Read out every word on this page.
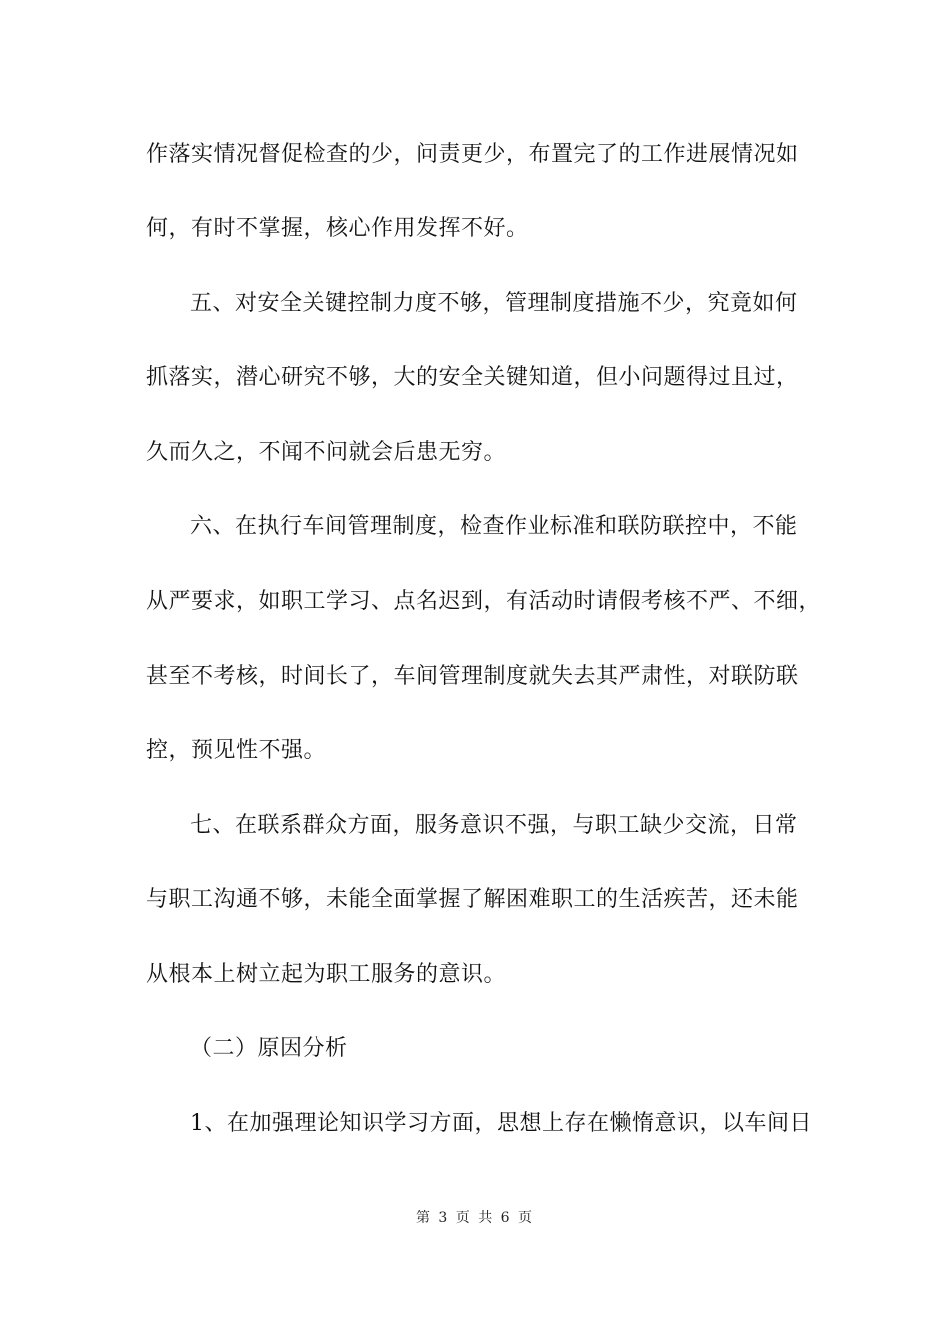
作落实情况督促检查的少，问责更少，布置完了的工作进展情况如
何，有时不掌握，核心作用发挥不好。
五、对安全关键控制力度不够，管理制度措施不少，究竟如何
抓落实，潜心研究不够，大的安全关键知道，但小问题得过且过，
久而久之，不闻不问就会后患无穷。
六、在执行车间管理制度，检查作业标准和联防联控中，不能
从严要求，如职工学习、点名迟到，有活动时请假考核不严、不细，
甚至不考核，时间长了，车间管理制度就失去其严肃性，对联防联
控，预见性不强。
七、在联系群众方面，服务意识不强，与职工缺少交流，日常
与职工沟通不够，未能全面掌握了解困难职工的生活疾苦，还未能
从根本上树立起为职工服务的意识。
（二）原因分析
1、在加强理论知识学习方面，思想上存在懒惰意识，以车间日
第 3 页 共 6 页
